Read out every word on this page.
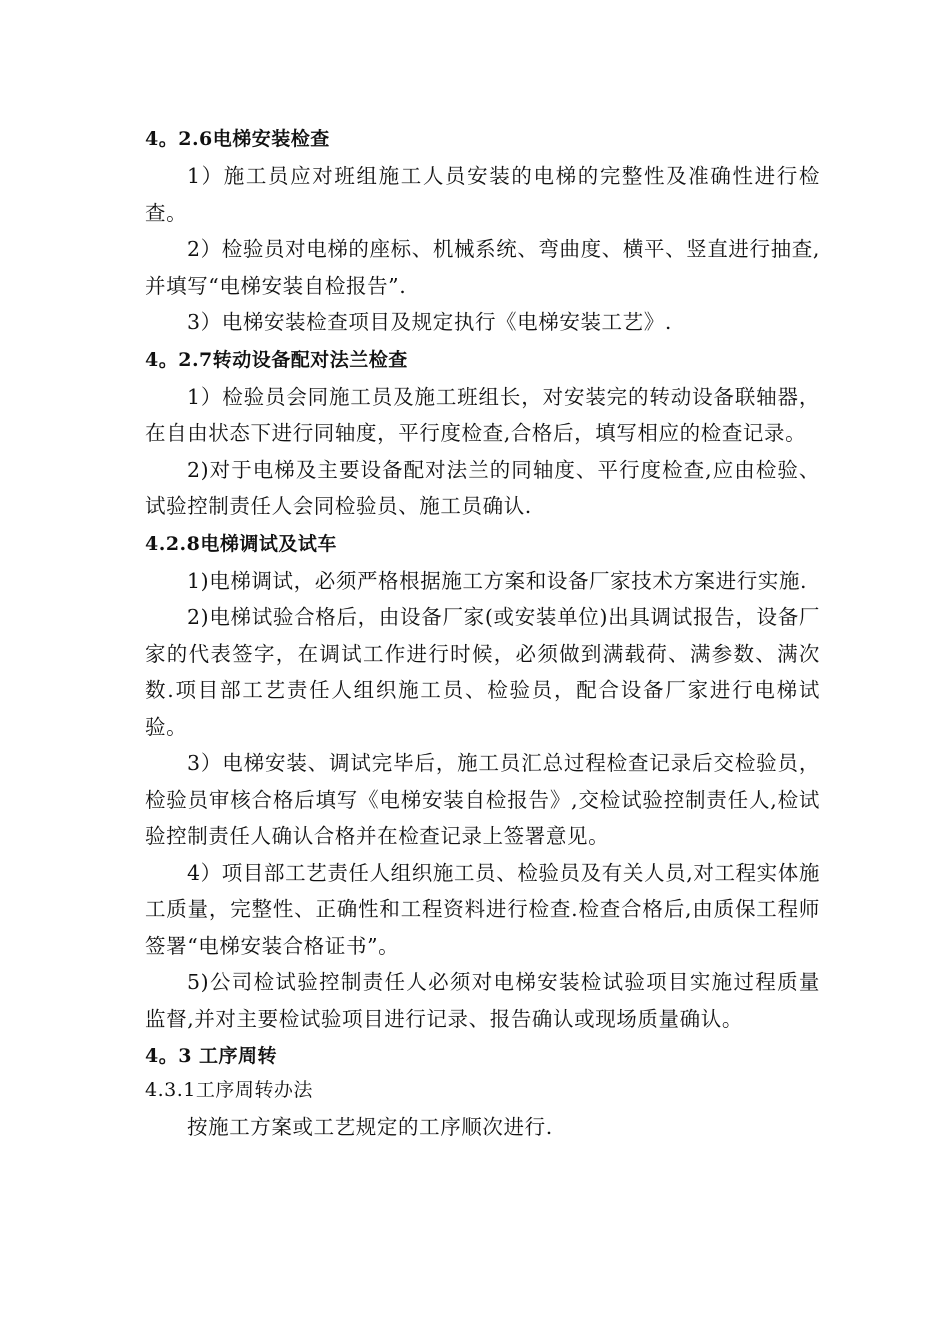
4。2.6电梯安装检查

1）施工员应对班组施工人员安装的电梯的完整性及准确性进行检查。

2）检验员对电梯的座标、机械系统、弯曲度、横平、竖直进行抽查,并填写“电梯安装自检报告”.

3）电梯安装检查项目及规定执行《电梯安装工艺》.

4。2.7转动设备配对法兰检查

1）检验员会同施工员及施工班组长，对安装完的转动设备联轴器，在自由状态下进行同轴度，平行度检查,合格后，填写相应的检查记录。

2)对于电梯及主要设备配对法兰的同轴度、平行度检查,应由检验、试验控制责任人会同检验员、施工员确认.

4.2.8电梯调试及试车

1)电梯调试，必须严格根据施工方案和设备厂家技术方案进行实施.

2)电梯试验合格后，由设备厂家(或安装单位)出具调试报告，设备厂家的代表签字，在调试工作进行时候，必须做到满载荷、满参数、满次数.项目部工艺责任人组织施工员、检验员，配合设备厂家进行电梯试验。

3）电梯安装、调试完毕后，施工员汇总过程检查记录后交检验员，检验员审核合格后填写《电梯安装自检报告》,交检试验控制责任人,检试验控制责任人确认合格并在检查记录上签署意见。

4）项目部工艺责任人组织施工员、检验员及有关人员,对工程实体施工质量，完整性、正确性和工程资料进行检查.检查合格后,由质保工程师签署“电梯安装合格证书”。

5)公司检试验控制责任人必须对电梯安装检试验项目实施过程质量监督,并对主要检试验项目进行记录、报告确认或现场质量确认。

4。3 工序周转
4.3.1工序周转办法

按施工方案或工艺规定的工序顺次进行.
